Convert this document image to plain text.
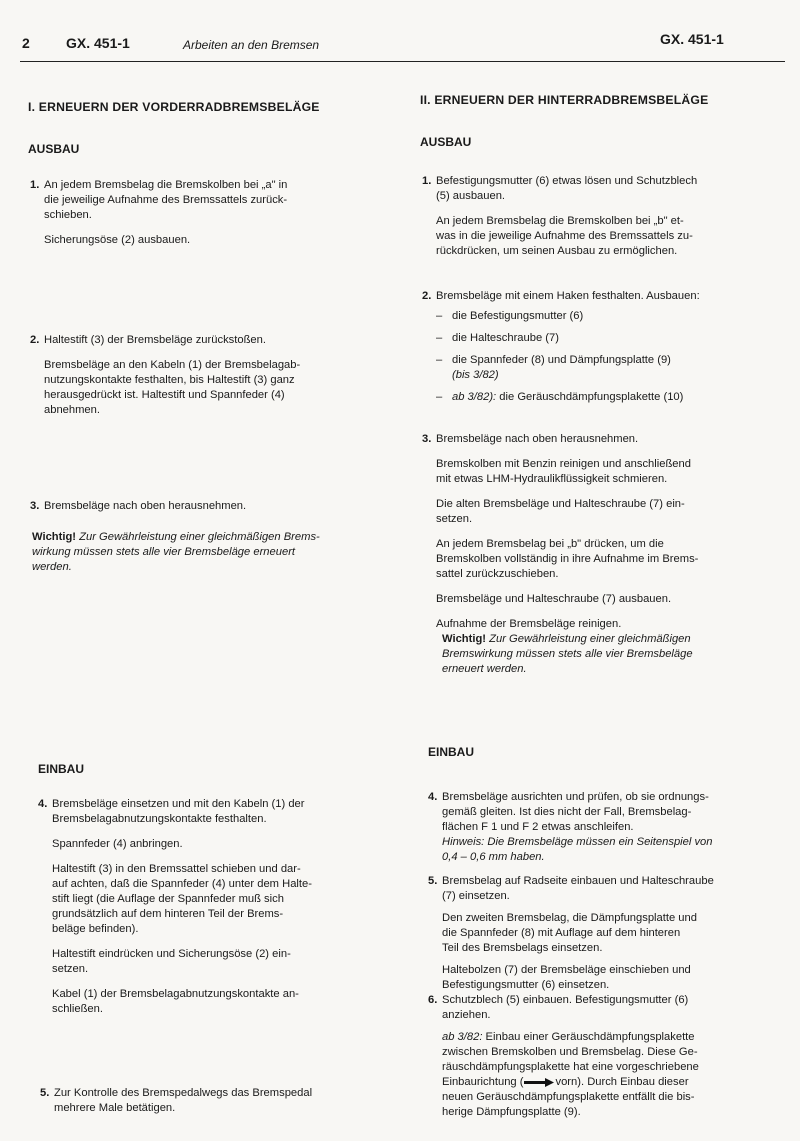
2	GX. 451-1	Arbeiten an den Bremsen	GX. 451-1
I. ERNEUERN DER VORDERRADBREMSBELÄGE
AUSBAU
1. An jedem Bremsbelag die Bremskolben bei „a" in

die jeweilige Aufnahme des Bremssattels zurück-

schieben.

Sicherungsöse (2) ausbauen.

2. Haltestift (3) der Bremsbeläge zurückstoßen.

Bremsbeläge an den Kabeln (1) der Bremsbelagab-

nutzungskontakte festhalten, bis Haltestift (3) ganz

herausgedrückt ist. Haltestift und Spannfeder (4)

abnehmen.

3. Bremsbeläge nach oben herausnehmen.

Wichtig! Zur Gewährleistung einer gleichmäßigen Brems-

wirkung müssen stets alle vier Bremsbeläge erneuert

werden.

EINBAU
4. Bremsbeläge einsetzen und mit den Kabeln (1) der

Bremsbelagabnutzungskontakte festhalten.

Spannfeder (4) anbringen.

Haltestift (3) in den Bremssattel schieben und dar-

auf achten, daß die Spannfeder (4) unter dem Halte-

stift liegt (die Auflage der Spannfeder muß sich

grundsätzlich auf dem hinteren Teil der Brems-

beläge befinden).

Haltestift eindrücken und Sicherungsöse (2) ein-

setzen.

Kabel (1) der Bremsbelagabnutzungskontakte an-

schließen.

5. Zur Kontrolle des Bremspedalwegs das Bremspedal

mehrere Male betätigen.

II. ERNEUERN DER HINTERRADBREMSBELÄGE
AUSBAU
1. Befestigungsmutter (6) etwas lösen und Schutzblech

(5) ausbauen.

An jedem Bremsbelag die Bremskolben bei „b" et-

was in die jeweilige Aufnahme des Bremssattels zu-

rückdrücken, um seinen Ausbau zu ermöglichen.

2. Bremsbeläge mit einem Haken festhalten. Ausbauen:

– die Befestigungsmutter (6)
– die Halteschraube (7)
– die Spannfeder (8) und Dämpfungsplatte (9)
(bis 3/82)
– ab 3/82): die Geräuschdämpfungsplakette (10)
3. Bremsbeläge nach oben herausnehmen.

Bremskolben mit Benzin reinigen und anschließend

mit etwas LHM-Hydraulikflüssigkeit schmieren.

Die alten Bremsbeläge und Halteschraube (7) ein-

setzen.

An jedem Bremsbelag bei „b" drücken, um die

Bremskolben vollständig in ihre Aufnahme im Brems-

sattel zurückzuschieben.

Bremsbeläge und Halteschraube (7) ausbauen.

Aufnahme der Bremsbeläge reinigen.

Wichtig! Zur Gewährleistung einer gleichmäßigen

Bremswirkung müssen stets alle vier Bremsbeläge

erneuert werden.

EINBAU
4. Bremsbeläge ausrichten und prüfen, ob sie ordnungs-

gemäß gleiten. Ist dies nicht der Fall, Bremsbelag-

flächen F 1 und F 2 etwas anschleifen.

Hinweis: Die Bremsbeläge müssen ein Seitenspiel von

0,4 – 0,6 mm haben.

5. Bremsbelag auf Radseite einbauen und Halteschraube

(7) einsetzen.

Den zweiten Bremsbelag, die Dämpfungsplatte und

die Spannfeder (8) mit Auflage auf dem hinteren

Teil des Bremsbelags einsetzen.

Haltebolzen (7) der Bremsbeläge einschieben und

Befestigungsmutter (6) einsetzen.

6. Schutzblech (5) einbauen. Befestigungsmutter (6)

anziehen.

ab 3/82: Einbau einer Geräuschdämpfungsplakette

zwischen Bremskolben und Bremsbelag. Diese Ge-

räuschdämpfungsplakette hat eine vorgeschriebene

Einbaurichtung (	vorn). Durch Einbau dieser

neuen Geräuschdämpfungsplakette entfällt die bis-

herige Dämpfungsplatte (9).
